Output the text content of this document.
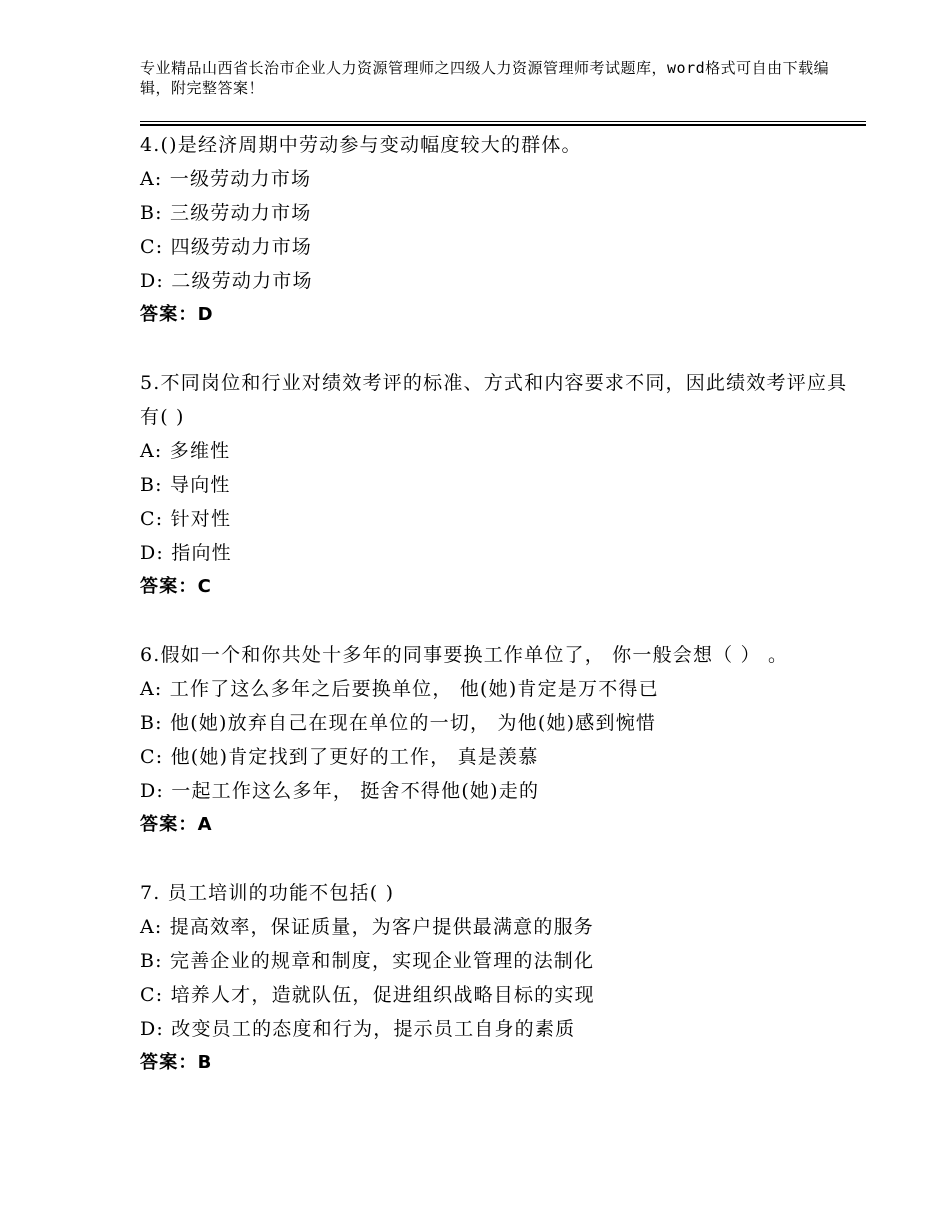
专业精品山西省长治市企业人力资源管理师之四级人力资源管理师考试题库，word格式可自由下载编辑，附完整答案！
4.()是经济周期中劳动参与变动幅度较大的群体。
A: 一级劳动力市场
B: 三级劳动力市场
C: 四级劳动力市场
D: 二级劳动力市场
答案：D
5.不同岗位和行业对绩效考评的标准、方式和内容要求不同，因此绩效考评应具有( )
A: 多维性
B: 导向性
C: 针对性
D: 指向性
答案：C
6.假如一个和你共处十多年的同事要换工作单位了， 你一般会想（ ） 。
A: 工作了这么多年之后要换单位， 他(她)肯定是万不得已
B: 他(她)放弃自己在现在单位的一切， 为他(她)感到惋惜
C: 他(她)肯定找到了更好的工作， 真是羡慕
D: 一起工作这么多年， 挺舍不得他(她)走的
答案：A
7. 员工培训的功能不包括( )
A: 提高效率，保证质量，为客户提供最满意的服务
B: 完善企业的规章和制度，实现企业管理的法制化
C: 培养人才，造就队伍，促进组织战略目标的实现
D: 改变员工的态度和行为，提示员工自身的素质
答案：B
